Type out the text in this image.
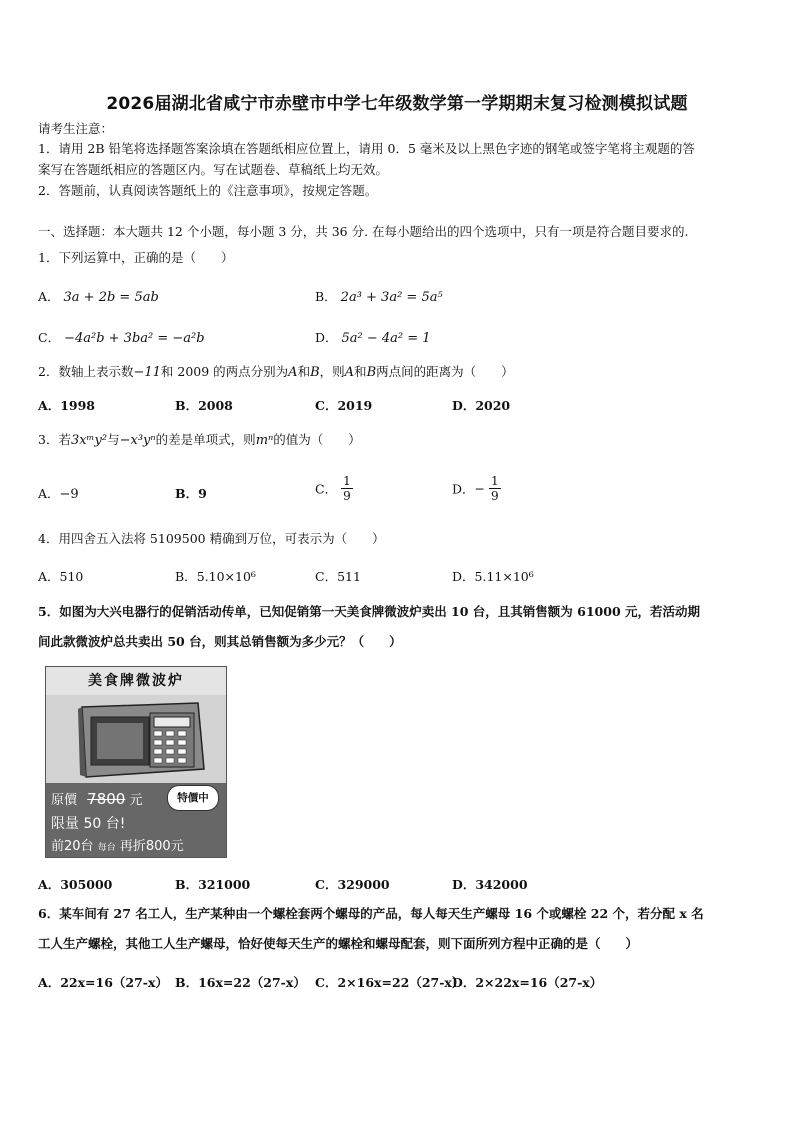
2026届湖北省咸宁市赤壁市中学七年级数学第一学期期末复习检测模拟试题
请考生注意：
1．请用 2B 铅笔将选择题答案涂填在答题纸相应位置上，请用 0．5 毫米及以上黑色字迹的钢笔或签字笔将主观题的答
案写在答题纸相应的答题区内。写在试题卷、草稿纸上均无效。
2．答题前，认真阅读答题纸上的《注意事项》，按规定答题。
一、选择题：本大题共 12 个小题，每小题 3 分，共 36 分. 在每小题给出的四个选项中，只有一项是符合题目要求的.
1．下列运算中，正确的是（　　）
A． 3a + 2b = 5ab	B． 2a³ + 3a² = 5a⁵
C． −4a²b + 3ba² = −a²b	D． 5a² − 4a² = 1
2．数轴上表示数−11和 2009 的两点分别为A和B，则A和B两点间的距离为（　　）
A．1998	B．2008	C．2019	D．2020
3．若3xᵐy²与−x³yⁿ的差是单项式，则mⁿ的值为（　　）
A．−9	B．9	C． $\frac{1}{9}$	D．− $\frac{1}{9}$
4．用四舍五入法将 5109500 精确到万位，可表示为（　　）
A．510	B．5.10×10⁶	C．511	D．5.11×10⁶
5．如图为大兴电器行的促销活动传单，已知促销第一天美食牌微波炉卖出 10 台，且其销售额为 61000 元，若活动期
间此款微波炉总共卖出 50 台，则其总销售额为多少元？（　　）
美食牌微波炉
原價 7800 元
限量 50 台!
前20台 每台 再折800元
特價中
A．305000	B．321000	C．329000	D．342000
6．某车间有 27 名工人，生产某种由一个螺栓套两个螺母的产品，每人每天生产螺母 16 个或螺栓 22 个，若分配 x 名
工人生产螺栓，其他工人生产螺母，恰好使每天生产的螺栓和螺母配套，则下面所列方程中正确的是（　　）
A．22x=16（27-x） B．16x=22（27-x） C．2×16x=22（27-x）
D．2×22x=16（27-x）
